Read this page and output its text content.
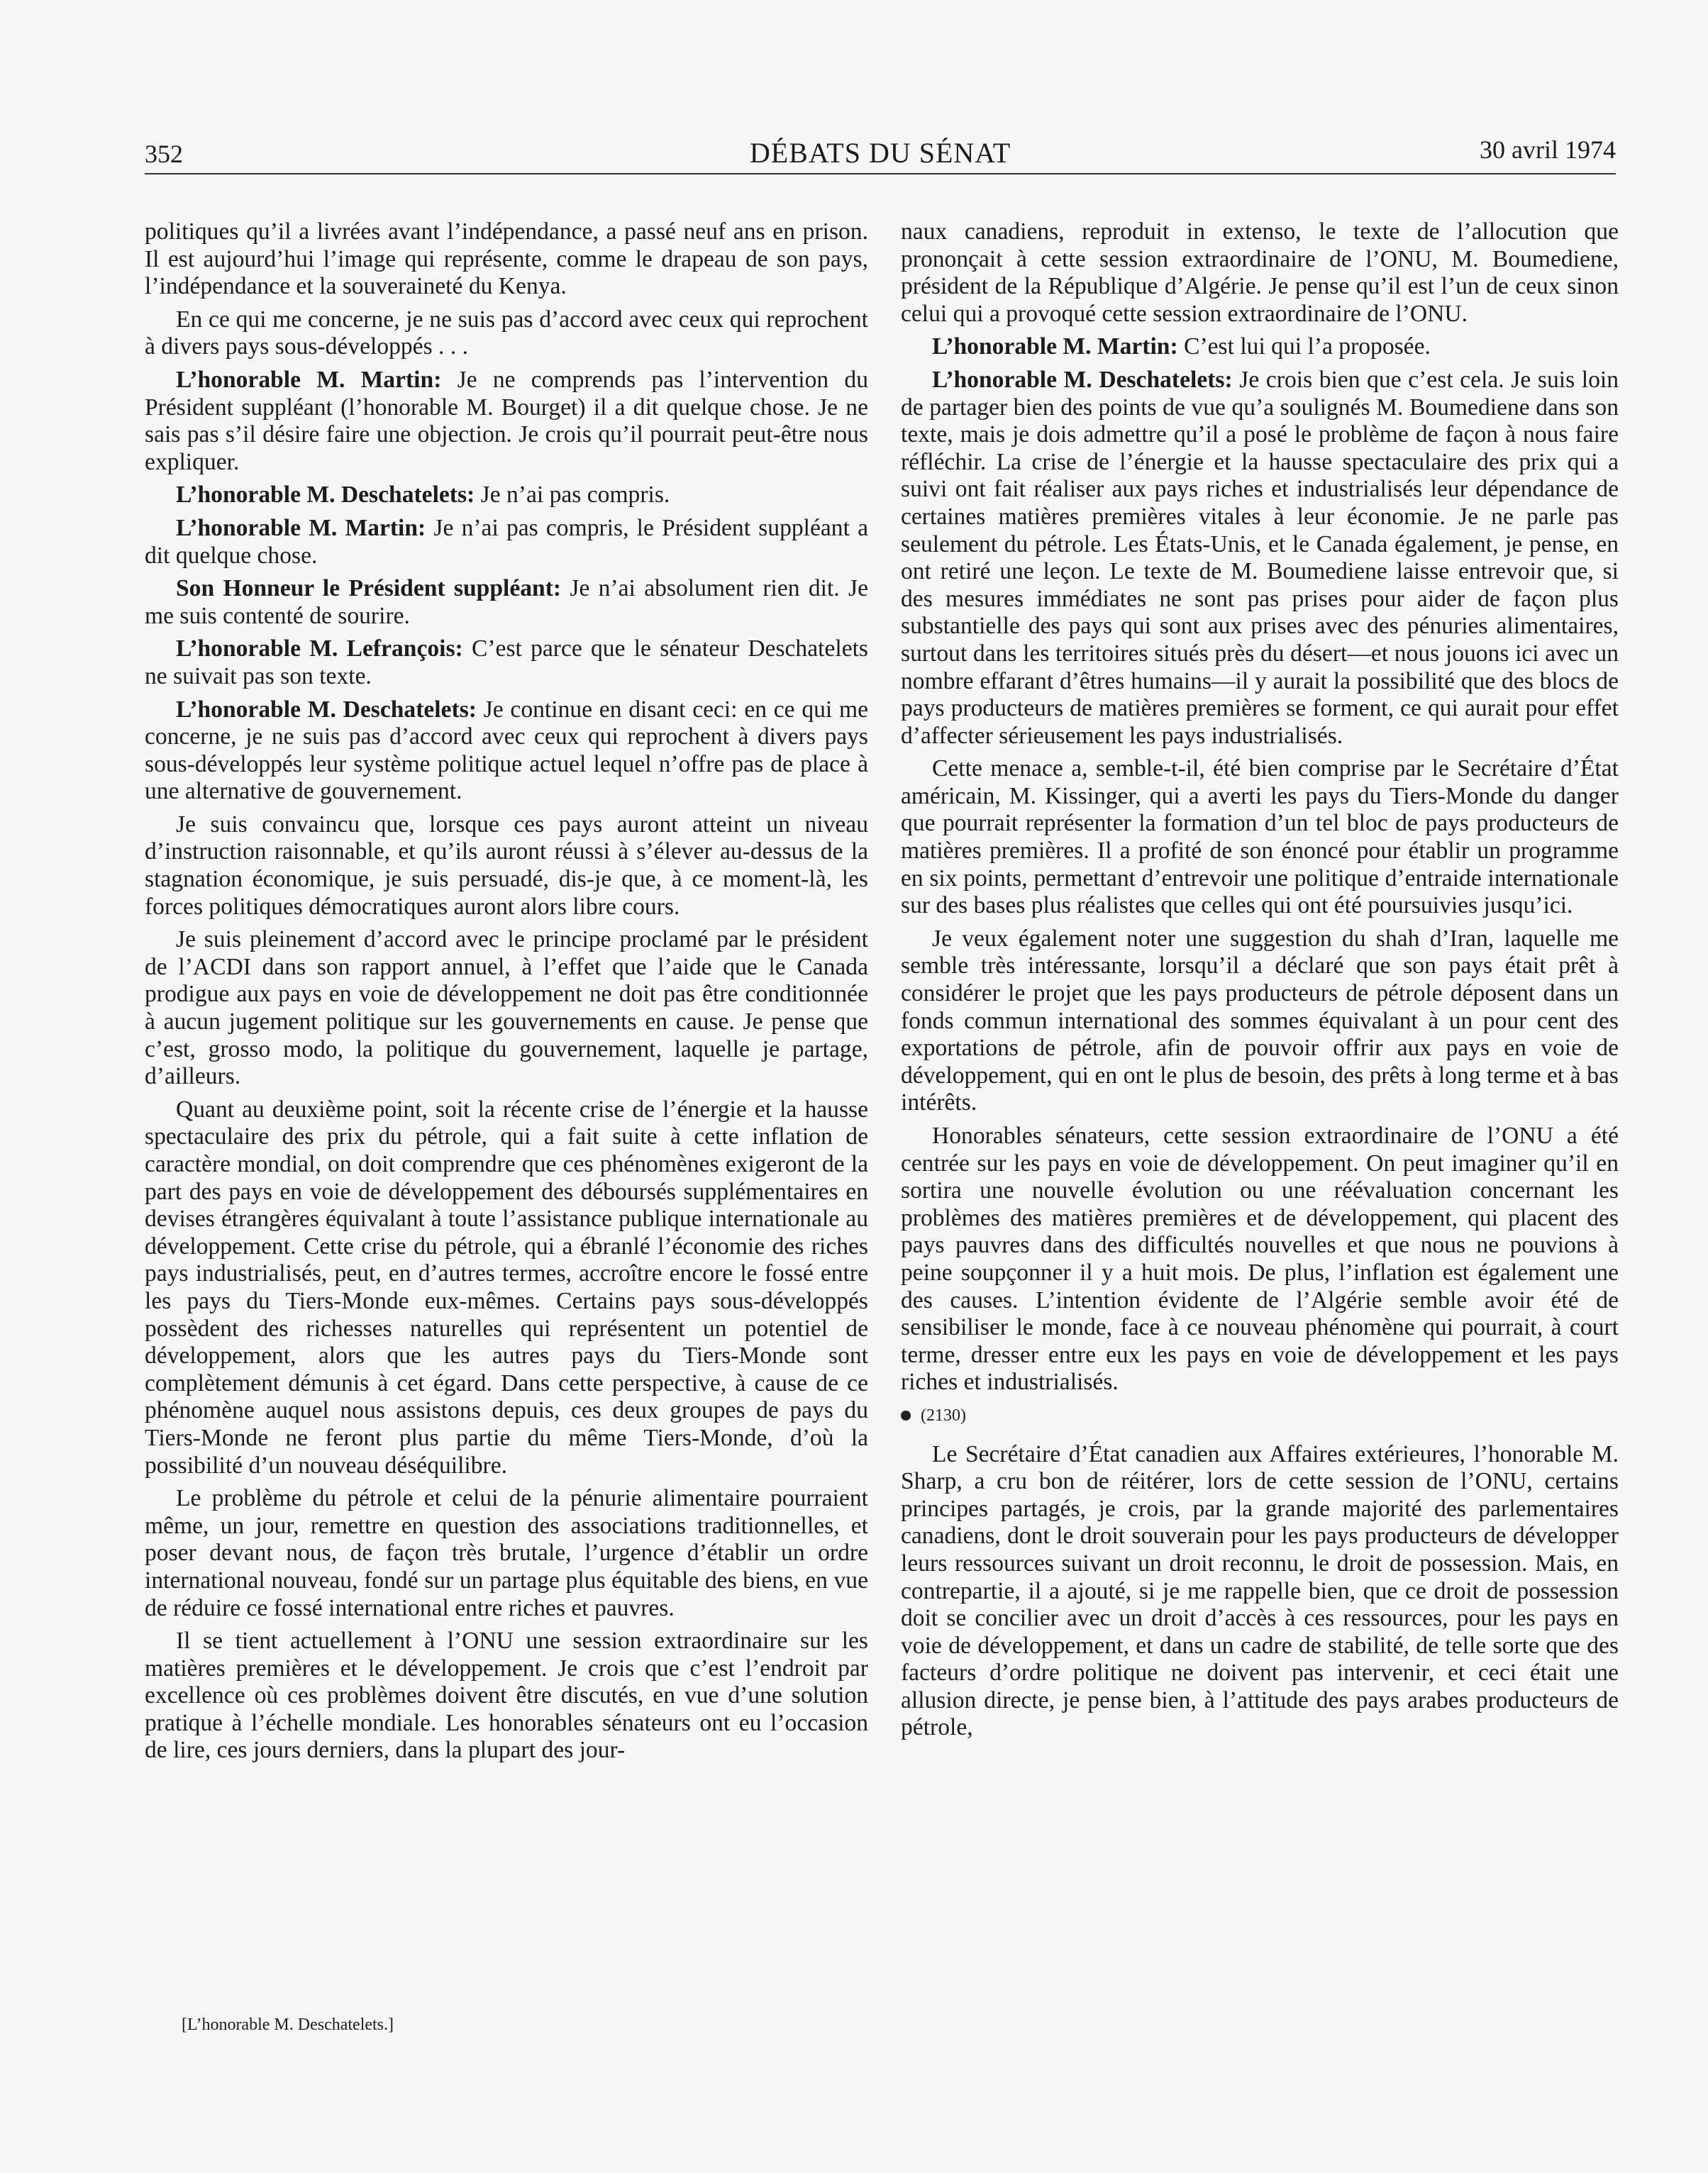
352	DÉBATS DU SÉNAT	30 avril 1974

politiques qu’il a livrées avant l’indépendance, a passé neuf ans en prison. Il est aujourd’hui l’image qui représente, comme le drapeau de son pays, l’indépendance et la souveraineté du Kenya.

En ce qui me concerne, je ne suis pas d’accord avec ceux qui reprochent à divers pays sous-développés . . .

L’honorable M. Martin: Je ne comprends pas l’intervention du Président suppléant (l’honorable M. Bourget) il a dit quelque chose. Je ne sais pas s’il désire faire une objection. Je crois qu’il pourrait peut-être nous expliquer.

L’honorable M. Deschatelets: Je n’ai pas compris.

L’honorable M. Martin: Je n’ai pas compris, le Président suppléant a dit quelque chose.

Son Honneur le Président suppléant: Je n’ai absolument rien dit. Je me suis contenté de sourire.

L’honorable M. Lefrançois: C’est parce que le sénateur Deschatelets ne suivait pas son texte.

L’honorable M. Deschatelets: Je continue en disant ceci: en ce qui me concerne, je ne suis pas d’accord avec ceux qui reprochent à divers pays sous-développés leur système politique actuel lequel n’offre pas de place à une alternative de gouvernement.

Je suis convaincu que, lorsque ces pays auront atteint un niveau d’instruction raisonnable, et qu’ils auront réussi à s’élever au-dessus de la stagnation économique, je suis persuadé, dis-je que, à ce moment-là, les forces politiques démocratiques auront alors libre cours.

Je suis pleinement d’accord avec le principe proclamé par le président de l’ACDI dans son rapport annuel, à l’effet que l’aide que le Canada prodigue aux pays en voie de développement ne doit pas être conditionnée à aucun jugement politique sur les gouvernements en cause. Je pense que c’est, grosso modo, la politique du gouvernement, laquelle je partage, d’ailleurs.

Quant au deuxième point, soit la récente crise de l’énergie et la hausse spectaculaire des prix du pétrole, qui a fait suite à cette inflation de caractère mondial, on doit comprendre que ces phénomènes exigeront de la part des pays en voie de développement des déboursés supplémentaires en devises étrangères équivalant à toute l’assistance publique internationale au développement. Cette crise du pétrole, qui a ébranlé l’économie des riches pays industrialisés, peut, en d’autres termes, accroître encore le fossé entre les pays du Tiers-Monde eux-mêmes. Certains pays sous-développés possèdent des richesses naturelles qui représentent un potentiel de développement, alors que les autres pays du Tiers-Monde sont complètement démunis à cet égard. Dans cette perspective, à cause de ce phénomène auquel nous assistons depuis, ces deux groupes de pays du Tiers-Monde ne feront plus partie du même Tiers-Monde, d’où la possibilité d’un nouveau déséquilibre.

Le problème du pétrole et celui de la pénurie alimentaire pourraient même, un jour, remettre en question des associations traditionnelles, et poser devant nous, de façon très brutale, l’urgence d’établir un ordre international nouveau, fondé sur un partage plus équitable des biens, en vue de réduire ce fossé international entre riches et pauvres.

Il se tient actuellement à l’ONU une session extraordinaire sur les matières premières et le développement. Je crois que c’est l’endroit par excellence où ces problèmes doivent être discutés, en vue d’une solution pratique à l’échelle mondiale. Les honorables sénateurs ont eu l’occasion de lire, ces jours derniers, dans la plupart des jour-

naux canadiens, reproduit in extenso, le texte de l’allocution que prononçait à cette session extraordinaire de l’ONU, M. Boumediene, président de la République d’Algérie. Je pense qu’il est l’un de ceux sinon celui qui a provoqué cette session extraordinaire de l’ONU.

L’honorable M. Martin: C’est lui qui l’a proposée.

L’honorable M. Deschatelets: Je crois bien que c’est cela. Je suis loin de partager bien des points de vue qu’a soulignés M. Boumediene dans son texte, mais je dois admettre qu’il a posé le problème de façon à nous faire réfléchir. La crise de l’énergie et la hausse spectaculaire des prix qui a suivi ont fait réaliser aux pays riches et industrialisés leur dépendance de certaines matières premières vitales à leur économie. Je ne parle pas seulement du pétrole. Les États-Unis, et le Canada également, je pense, en ont retiré une leçon. Le texte de M. Boumediene laisse entrevoir que, si des mesures immédiates ne sont pas prises pour aider de façon plus substantielle des pays qui sont aux prises avec des pénuries alimentaires, surtout dans les territoires situés près du désert—et nous jouons ici avec un nombre effarant d’êtres humains—il y aurait la possibilité que des blocs de pays producteurs de matières premières se forment, ce qui aurait pour effet d’affecter sérieusement les pays industrialisés.

Cette menace a, semble-t-il, été bien comprise par le Secrétaire d’État américain, M. Kissinger, qui a averti les pays du Tiers-Monde du danger que pourrait représenter la formation d’un tel bloc de pays producteurs de matières premières. Il a profité de son énoncé pour établir un programme en six points, permettant d’entrevoir une politique d’entraide internationale sur des bases plus réalistes que celles qui ont été poursuivies jusqu’ici.

Je veux également noter une suggestion du shah d’Iran, laquelle me semble très intéressante, lorsqu’il a déclaré que son pays était prêt à considérer le projet que les pays producteurs de pétrole déposent dans un fonds commun international des sommes équivalant à un pour cent des exportations de pétrole, afin de pouvoir offrir aux pays en voie de développement, qui en ont le plus de besoin, des prêts à long terme et à bas intérêts.

Honorables sénateurs, cette session extraordinaire de l’ONU a été centrée sur les pays en voie de développement. On peut imaginer qu’il en sortira une nouvelle évolution ou une réévaluation concernant les problèmes des matières premières et de développement, qui placent des pays pauvres dans des difficultés nouvelles et que nous ne pouvions à peine soupçonner il y a huit mois. De plus, l’inflation est également une des causes. L’intention évidente de l’Algérie semble avoir été de sensibiliser le monde, face à ce nouveau phénomène qui pourrait, à court terme, dresser entre eux les pays en voie de développement et les pays riches et industrialisés.

(2130)

Le Secrétaire d’État canadien aux Affaires extérieures, l’honorable M. Sharp, a cru bon de réitérer, lors de cette session de l’ONU, certains principes partagés, je crois, par la grande majorité des parlementaires canadiens, dont le droit souverain pour les pays producteurs de développer leurs ressources suivant un droit reconnu, le droit de possession. Mais, en contrepartie, il a ajouté, si je me rappelle bien, que ce droit de possession doit se concilier avec un droit d’accès à ces ressources, pour les pays en voie de développement, et dans un cadre de stabilité, de telle sorte que des facteurs d’ordre politique ne doivent pas intervenir, et ceci était une allusion directe, je pense bien, à l’attitude des pays arabes producteurs de pétrole,

[L’honorable M. Deschatelets.]
